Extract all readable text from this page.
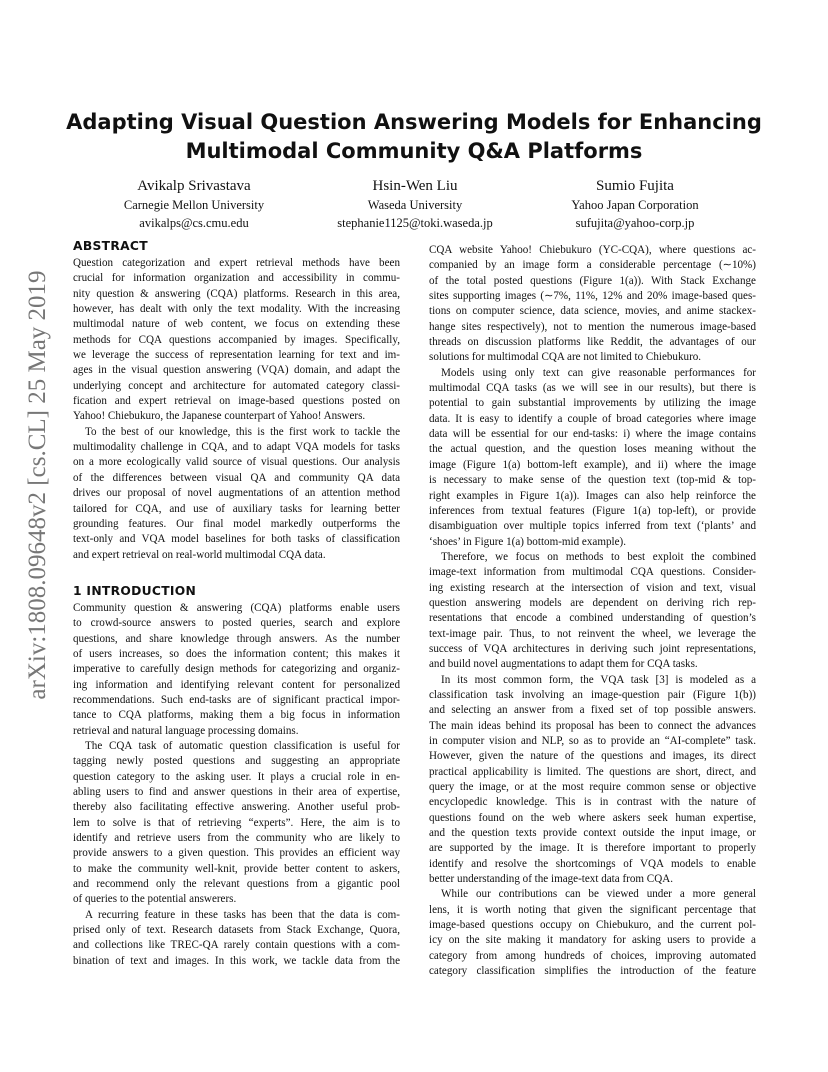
Adapting Visual Question Answering Models for Enhancing
Multimodal Community Q&A Platforms
Avikalp Srivastava
Carnegie Mellon University
avikalps@cs.cmu.edu
Hsin-Wen Liu
Waseda University
stephanie1125@toki.waseda.jp
Sumio Fujita
Yahoo Japan Corporation
sufujita@yahoo-corp.jp
arXiv:1808.09648v2 [cs.CL] 25 May 2019
ABSTRACT
Question categorization and expert retrieval methods have been
crucial for information organization and accessibility in commu-
nity question & answering (CQA) platforms. Research in this area,
however, has dealt with only the text modality. With the increasing
multimodal nature of web content, we focus on extending these
methods for CQA questions accompanied by images. Specifically,
we leverage the success of representation learning for text and im-
ages in the visual question answering (VQA) domain, and adapt the
underlying concept and architecture for automated category classi-
fication and expert retrieval on image-based questions posted on
Yahoo! Chiebukuro, the Japanese counterpart of Yahoo! Answers.
To the best of our knowledge, this is the first work to tackle the
multimodality challenge in CQA, and to adapt VQA models for tasks
on a more ecologically valid source of visual questions. Our analysis
of the differences between visual QA and community QA data
drives our proposal of novel augmentations of an attention method
tailored for CQA, and use of auxiliary tasks for learning better
grounding features. Our final model markedly outperforms the
text-only and VQA model baselines for both tasks of classification
and expert retrieval on real-world multimodal CQA data.
1 INTRODUCTION
Community question & answering (CQA) platforms enable users
to crowd-source answers to posted queries, search and explore
questions, and share knowledge through answers. As the number
of users increases, so does the information content; this makes it
imperative to carefully design methods for categorizing and organiz-
ing information and identifying relevant content for personalized
recommendations. Such end-tasks are of significant practical impor-
tance to CQA platforms, making them a big focus in information
retrieval and natural language processing domains.
The CQA task of automatic question classification is useful for
tagging newly posted questions and suggesting an appropriate
question category to the asking user. It plays a crucial role in en-
abling users to find and answer questions in their area of expertise,
thereby also facilitating effective answering. Another useful prob-
lem to solve is that of retrieving “experts”. Here, the aim is to
identify and retrieve users from the community who are likely to
provide answers to a given question. This provides an efficient way
to make the community well-knit, provide better content to askers,
and recommend only the relevant questions from a gigantic pool
of queries to the potential answerers.
A recurring feature in these tasks has been that the data is com-
prised only of text. Research datasets from Stack Exchange, Quora,
and collections like TREC-QA rarely contain questions with a com-
bination of text and images. In this work, we tackle data from the
CQA website Yahoo! Chiebukuro (YC-CQA), where questions ac-
companied by an image form a considerable percentage (∼10%)
of the total posted questions (Figure 1(a)). With Stack Exchange
sites supporting images (∼7%, 11%, 12% and 20% image-based ques-
tions on computer science, data science, movies, and anime stackex-
hange sites respectively), not to mention the numerous image-based
threads on discussion platforms like Reddit, the advantages of our
solutions for multimodal CQA are not limited to Chiebukuro.
Models using only text can give reasonable performances for
multimodal CQA tasks (as we will see in our results), but there is
potential to gain substantial improvements by utilizing the image
data. It is easy to identify a couple of broad categories where image
data will be essential for our end-tasks: i) where the image contains
the actual question, and the question loses meaning without the
image (Figure 1(a) bottom-left example), and ii) where the image
is necessary to make sense of the question text (top-mid & top-
right examples in Figure 1(a)). Images can also help reinforce the
inferences from textual features (Figure 1(a) top-left), or provide
disambiguation over multiple topics inferred from text (‘plants’ and
‘shoes’ in Figure 1(a) bottom-mid example).
Therefore, we focus on methods to best exploit the combined
image-text information from multimodal CQA questions. Consider-
ing existing research at the intersection of vision and text, visual
question answering models are dependent on deriving rich rep-
resentations that encode a combined understanding of question’s
text-image pair. Thus, to not reinvent the wheel, we leverage the
success of VQA architectures in deriving such joint representations,
and build novel augmentations to adapt them for CQA tasks.
In its most common form, the VQA task [3] is modeled as a
classification task involving an image-question pair (Figure 1(b))
and selecting an answer from a fixed set of top possible answers.
The main ideas behind its proposal has been to connect the advances
in computer vision and NLP, so as to provide an “AI-complete” task.
However, given the nature of the questions and images, its direct
practical applicability is limited. The questions are short, direct, and
query the image, or at the most require common sense or objective
encyclopedic knowledge. This is in contrast with the nature of
questions found on the web where askers seek human expertise,
and the question texts provide context outside the input image, or
are supported by the image. It is therefore important to properly
identify and resolve the shortcomings of VQA models to enable
better understanding of the image-text data from CQA.
While our contributions can be viewed under a more general
lens, it is worth noting that given the significant percentage that
image-based questions occupy on Chiebukuro, and the current pol-
icy on the site making it mandatory for asking users to provide a
category from among hundreds of choices, improving automated
category classification simplifies the introduction of the feature
